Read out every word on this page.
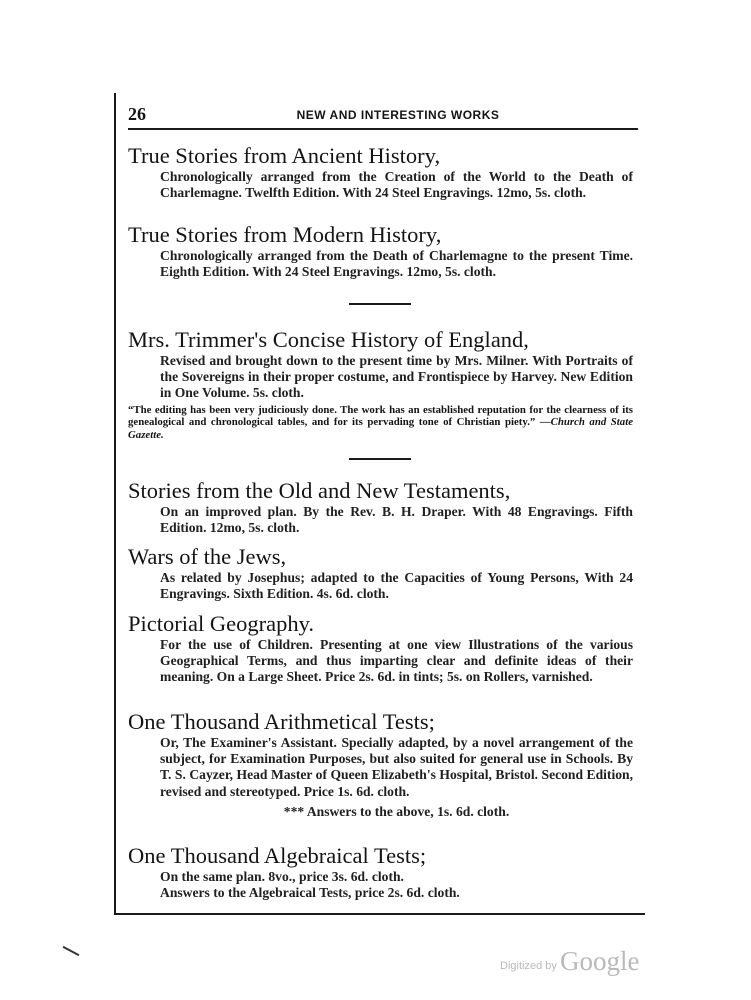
26	NEW AND INTERESTING WORKS
True Stories from Ancient History,

Chronologically arranged from the Creation of the World to the Death of Charlemagne. Twelfth Edition. With 24 Steel Engravings. 12mo, 5s. cloth.

True Stories from Modern History,

Chronologically arranged from the Death of Charlemagne to the present Time. Eighth Edition. With 24 Steel Engravings. 12mo, 5s. cloth.

Mrs. Trimmer's Concise History of England,

Revised and brought down to the present time by Mrs. Milner. With Portraits of the Sovereigns in their proper costume, and Frontispiece by Harvey. New Edition in One Volume. 5s. cloth.

“The editing has been very judiciously done. The work has an established reputation for the clearness of its genealogical and chronological tables, and for its pervading tone of Christian piety.” —Church and State Gazette.
Stories from the Old and New Testaments,

On an improved plan. By the Rev. B. H. Draper. With 48 Engravings. Fifth Edition. 12mo, 5s. cloth.

Wars of the Jews,

As related by Josephus; adapted to the Capacities of Young Persons, With 24 Engravings. Sixth Edition. 4s. 6d. cloth.

Pictorial Geography.

For the use of Children. Presenting at one view Illustrations of the various Geographical Terms, and thus imparting clear and definite ideas of their meaning. On a Large Sheet. Price 2s. 6d. in tints; 5s. on Rollers, varnished.

One Thousand Arithmetical Tests;

Or, The Examiner's Assistant. Specially adapted, by a novel arrangement of the subject, for Examination Purposes, but also suited for general use in Schools. By T. S. Cayzer, Head Master of Queen Elizabeth's Hospital, Bristol. Second Edition, revised and stereotyped. Price 1s. 6d. cloth.

*** Answers to the above, 1s. 6d. cloth.

One Thousand Algebraical Tests;

On the same plan. 8vo., price 3s. 6d. cloth.

Answers to the Algebraical Tests, price 2s. 6d. cloth.

Digitized by Google
